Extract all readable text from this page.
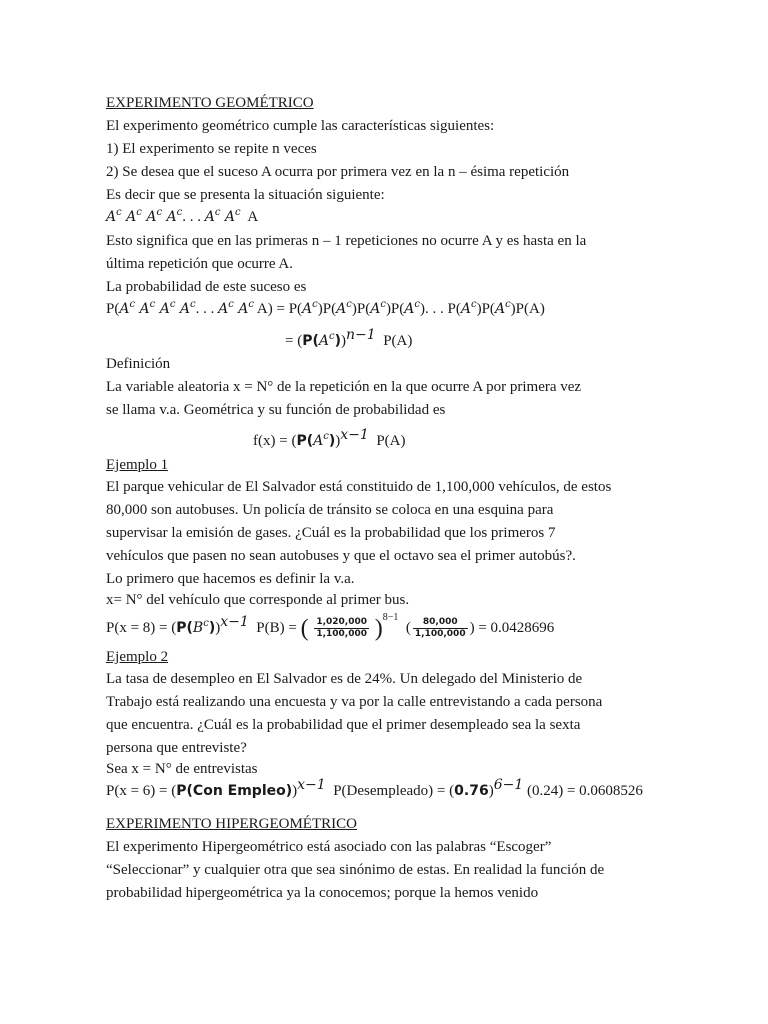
EXPERIMENTO GEOMÉTRICO
El experimento geométrico cumple las características siguientes:
1) El experimento se repite n veces
2) Se desea que el suceso A ocurra por primera vez en la n – ésima repetición
Es decir que se presenta la situación siguiente:
$A^c$ $A^c$ $A^c$ $A^c$. . . $A^c$ $A^c$  A
Esto significa que en las primeras n – 1 repeticiones no ocurre A y es hasta en la
última repetición que ocurre A.
La probabilidad de este suceso es
$P(A^c$ $A^c$ $A^c$ $A^c$. . . $A^c$ $A^c$ $A) = P(A^c)P(A^c)P(A^c)P(A^c)$. . . $P(A^c)P(A^c)P(A)$
= $(P(A^c))^{n-1}$  P(A)
Definición
La variable aleatoria x = N° de la repetición en la que ocurre A por primera vez
se llama v.a. Geométrica y su función de probabilidad es
$f(x) = (P(A^c))^{x-1}$  P(A)
Ejemplo 1
El parque vehicular de El Salvador está constituido de 1,100,000 vehículos, de estos
80,000 son autobuses. Un policía de tránsito se coloca en una esquina para
supervisar la emisión de gases. ¿Cuál es la probabilidad que los primeros 7
vehículos que pasen no sean autobuses y que el octavo sea el primer autobús?.
Lo primero que hacemos es definir la v.a.
x= N° del vehículo que corresponde al primer bus.
$P(x = 8) = (P(B^c))^{x-1}$  P(B) = ( $\frac{1,020,000}{1,100,000} )^{8-1}$  ( $\frac{80,000}{1,100,000}$ ) = 0.0428696
Ejemplo 2
La tasa de desempleo en El Salvador es de 24%. Un delegado del Ministerio de
Trabajo está realizando una encuesta y va por la calle entrevistando a cada persona
que encuentra. ¿Cuál es la probabilidad que el primer desempleado sea la sexta
persona que entreviste?
Sea x = N° de entrevistas
P(x = 6) = (P(Con Empleo))$^{x-1}$ P(Desempleado) = $(0.76)^{6-1}$ (0.24) = 0.0608526
EXPERIMENTO HIPERGEOMÉTRICO
El experimento Hipergeométrico está asociado con las palabras “Escoger”
“Seleccionar” y cualquier otra que sea sinónimo de estas. En realidad la función de
probabilidad hipergeométrica ya la conocemos; porque la hemos venido
